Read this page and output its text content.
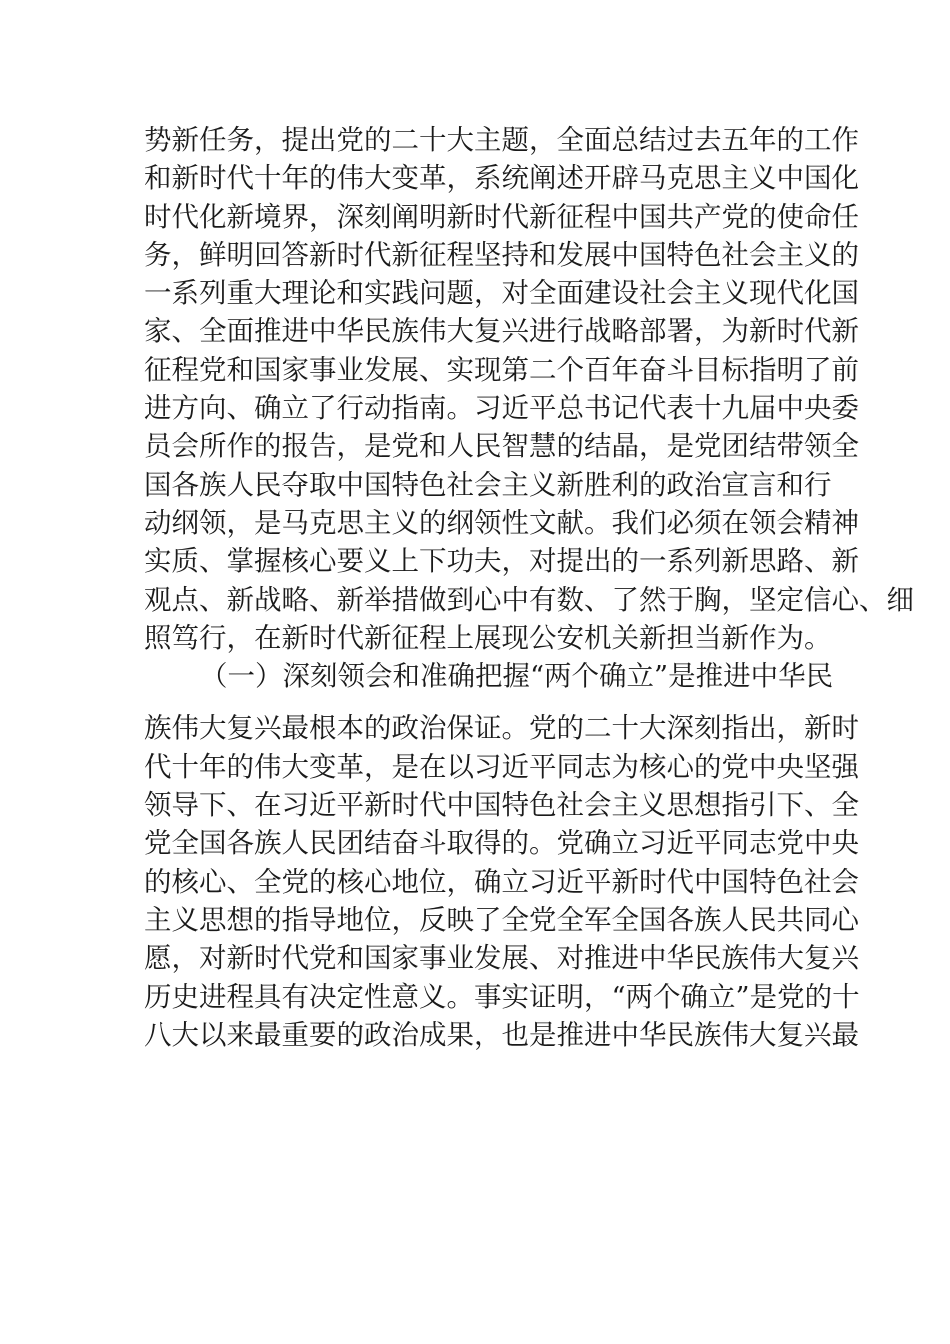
势新任务，提出党的二十大主题，全面总结过去五年的工作
和新时代十年的伟大变革，系统阐述开辟马克思主义中国化
时代化新境界，深刻阐明新时代新征程中国共产党的使命任
务，鲜明回答新时代新征程坚持和发展中国特色社会主义的
一系列重大理论和实践问题，对全面建设社会主义现代化国
家、全面推进中华民族伟大复兴进行战略部署，为新时代新
征程党和国家事业发展、实现第二个百年奋斗目标指明了前
进方向、确立了行动指南。习近平总书记代表十九届中央委
员会所作的报告，是党和人民智慧的结晶，是党团结带领全
国各族人民夺取中国特色社会主义新胜利的政治宣言和行
动纲领，是马克思主义的纲领性文献。我们必须在领会精神
实质、掌握核心要义上下功夫，对提出的一系列新思路、新
观点、新战略、新举措做到心中有数、了然于胸，坚定信心、细
照笃行，在新时代新征程上展现公安机关新担当新作为。
（一）深刻领会和准确把握“两个确立”是推进中华民
族伟大复兴最根本的政治保证。党的二十大深刻指出，新时
代十年的伟大变革，是在以习近平同志为核心的党中央坚强
领导下、在习近平新时代中国特色社会主义思想指引下、全
党全国各族人民团结奋斗取得的。党确立习近平同志党中央
的核心、全党的核心地位，确立习近平新时代中国特色社会
主义思想的指导地位，反映了全党全军全国各族人民共同心
愿，对新时代党和国家事业发展、对推进中华民族伟大复兴
历史进程具有决定性意义。事实证明，“两个确立”是党的十
八大以来最重要的政治成果，也是推进中华民族伟大复兴最
